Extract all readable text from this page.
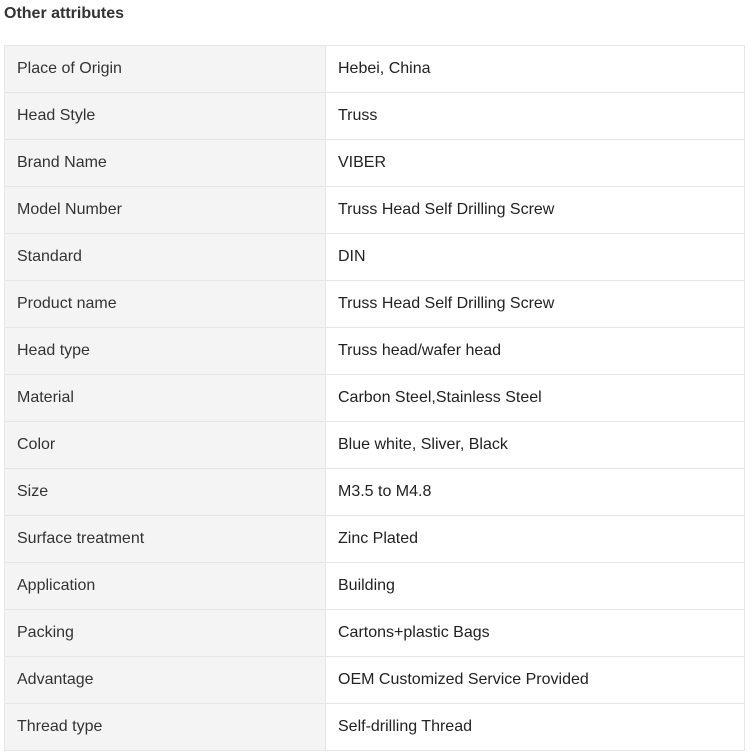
Other attributes
Place of Origin	Hebei, China
Head Style	Truss
Brand Name	VIBER
Model Number	Truss Head Self Drilling Screw
Standard	DIN
Product name	Truss Head Self Drilling Screw
Head type	Truss head/wafer head
Material	Carbon Steel,Stainless Steel
Color	Blue white, Sliver, Black
Size	M3.5 to M4.8
Surface treatment	Zinc Plated
Application	Building
Packing	Cartons+plastic Bags
Advantage	OEM Customized Service Provided
Thread type	Self-drilling Thread
